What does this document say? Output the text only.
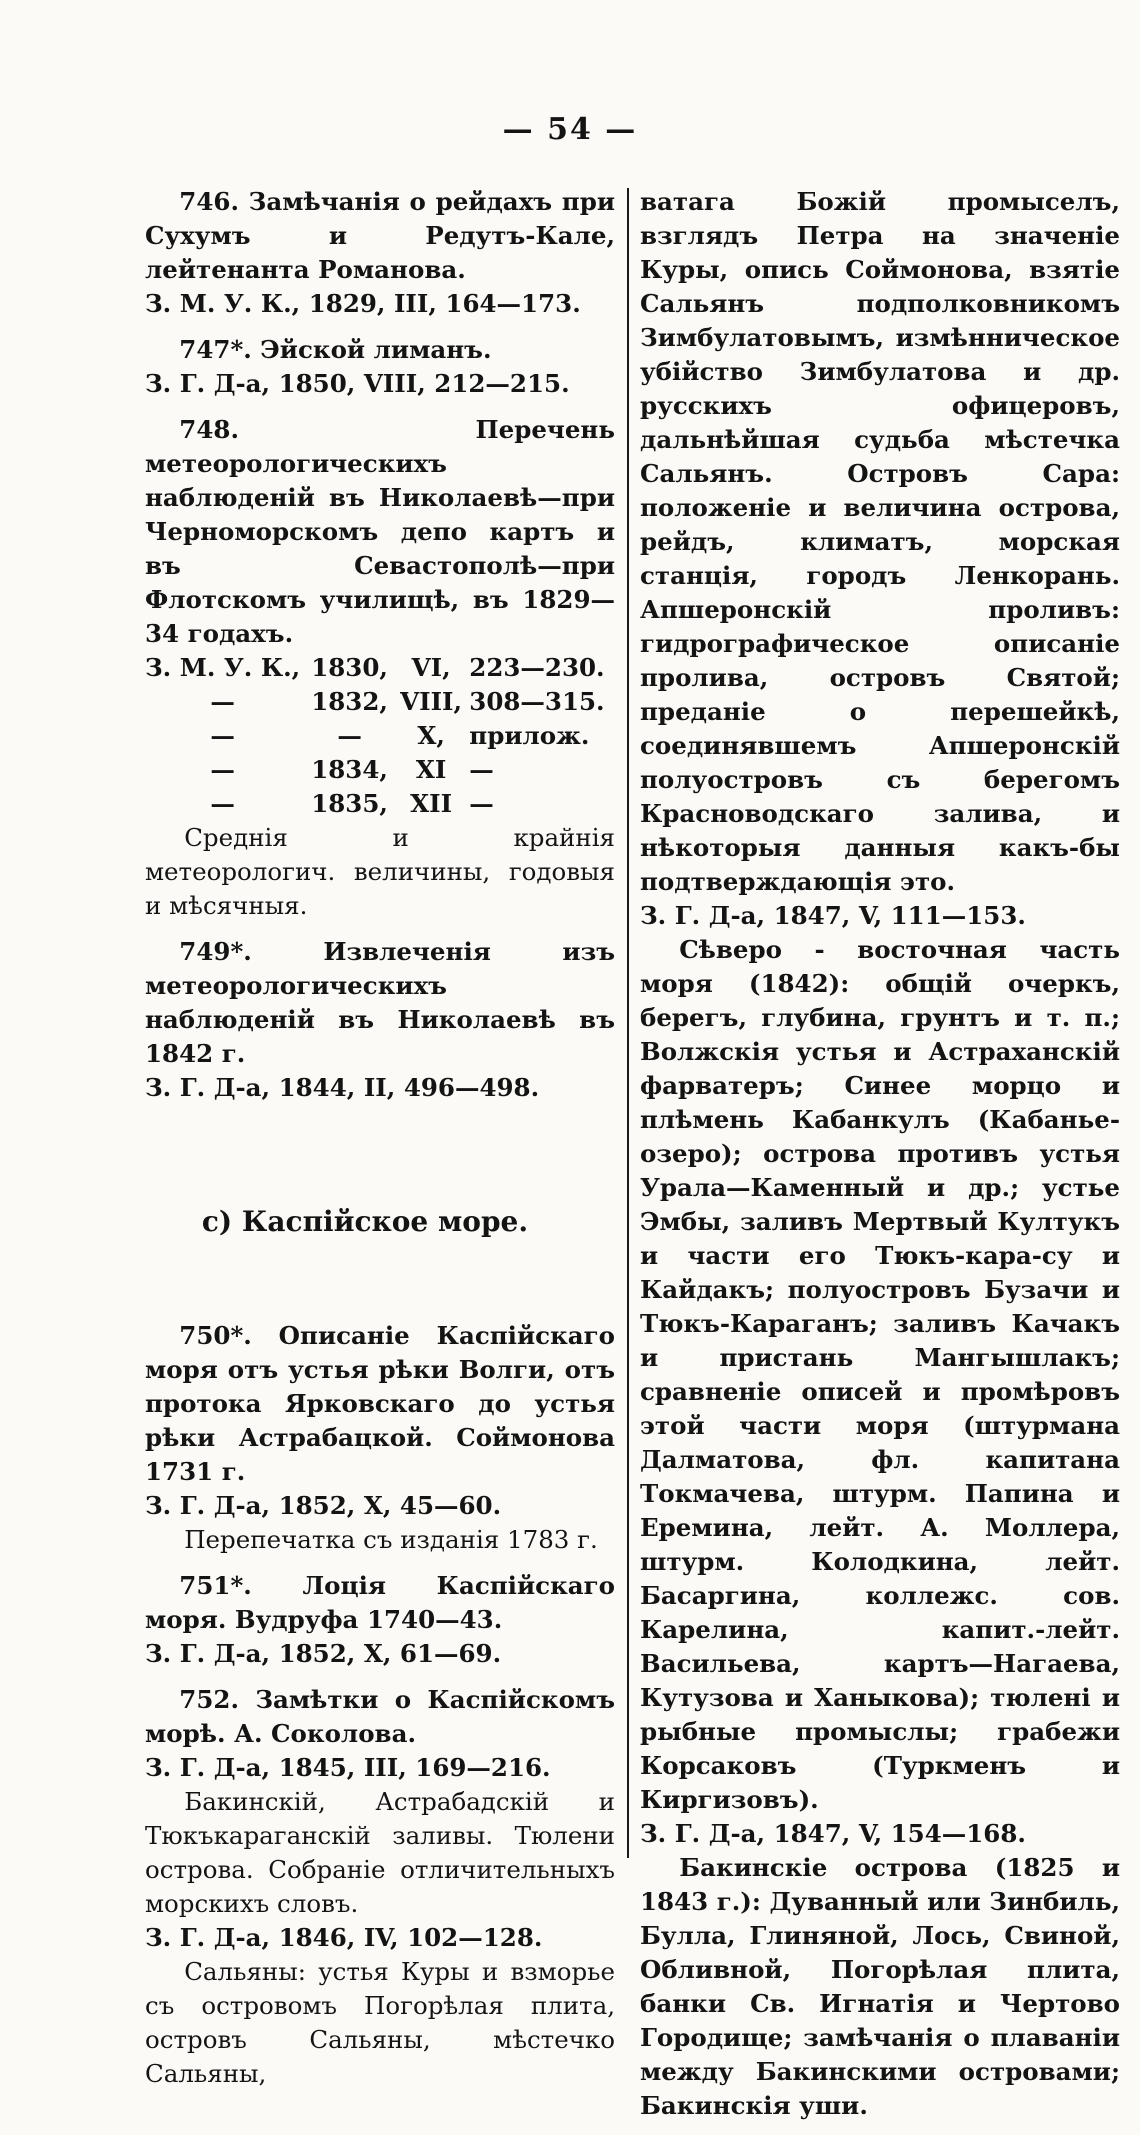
— 54 —

746. Замѣчанія о рейдахъ при Сухумъ и Редутъ-Кале, лейтенанта Романова.

З. М. У. К., 1829, III, 164—173.

747*. Эйской лиманъ.

З. Г. Д-а, 1850, VIII, 212—215.

748. Перечень метеорологическихъ наблюденій въ Николаевѣ—при Черноморскомъ депо картъ и въ Севастополѣ—при Флотскомъ училищѣ, въ 1829—34 годахъ.

З. М. У. К.,	1830,	VI,	223—230.
—	1832,	VIII,	308—315.
—	—	X,	прилож.
—	1834,	XI	—
—	1835,	XII	—

Среднія и крайнія метеорологич. величины, годовыя и мѣсячныя.

749*. Извлеченія изъ метеорологическихъ наблюденій въ Николаевѣ въ 1842 г.

З. Г. Д-а, 1844, II, 496—498.

c) Каспійское море.

750*. Описаніе Каспійскаго моря отъ устья рѣки Волги, отъ протока Ярковскаго до устья рѣки Астрабацкой. Соймонова 1731 г.

З. Г. Д-а, 1852, X, 45—60.

Перепечатка съ изданія 1783 г.

751*. Лоція Каспійскаго моря. Вудруфа 1740—43.

З. Г. Д-а, 1852, X, 61—69.

752. Замѣтки о Каспійскомъ морѣ. А. Соколова.

З. Г. Д-а, 1845, III, 169—216.

Бакинскій, Астрабадскій и Тюкъкараганскій заливы. Тюлени острова. Собраніе отличительныхъ морскихъ словъ.

З. Г. Д-а, 1846, IV, 102—128.

Сальяны: устья Куры и взморье съ островомъ Погорѣлая плита, островъ Сальяны, мѣстечко Сальяны,

ватага Божій промыселъ, взглядъ Петра на значеніе Куры, опись Соймонова, взятіе Сальянъ подполковникомъ Зимбулатовымъ, измѣнническое убійство Зимбулатова и др. русскихъ офицеровъ, дальнѣйшая судьба мѣстечка Сальянъ. Островъ Сара: положеніе и величина острова, рейдъ, климатъ, морская станція, городъ Ленкорань. Апшеронскій проливъ: гидрографическое описаніе пролива, островъ Святой; преданіе о перешейкѣ, соединявшемъ Апшеронскій полуостровъ съ берегомъ Красноводскаго залива, и нѣкоторыя данныя какъ-бы подтверждающія это.

З. Г. Д-а, 1847, V, 111—153.

Сѣверо - восточная часть моря (1842): общій очеркъ, берегъ, глубина, грунтъ и т. п.; Волжскія устья и Астраханскій фарватеръ; Синее морцо и плѣмень Кабанкулъ (Кабанье-озеро); острова противъ устья Урала—Каменный и др.; устье Эмбы, заливъ Мертвый Култукъ и части его Тюкъ-кара-су и Кайдакъ; полуостровъ Бузачи и Тюкъ-Караганъ; заливъ Качакъ и пристань Мангышлакъ; сравненіе описей и промѣровъ этой части моря (штурмана Далматова, фл. капитана Токмачева, штурм. Папина и Еремина, лейт. А. Моллера, штурм. Колодкина, лейт. Басаргина, коллежс. сов. Карелина, капит.-лейт. Васильева, картъ—Нагаева, Кутузова и Ханыкова); тюлені и рыбные промыслы; грабежи Корсаковъ (Туркменъ и Киргизовъ).

З. Г. Д-а, 1847, V, 154—168.

Бакинскіе острова (1825 и 1843 г.): Дуванный или Зинбиль, Булла, Глиняной, Лось, Свиной, Обливной, Погорѣлая плита, банки Св. Игнатія и Чертово Городище; замѣчанія о плаваніи между Бакинскими островами; Бакинскія уши.
